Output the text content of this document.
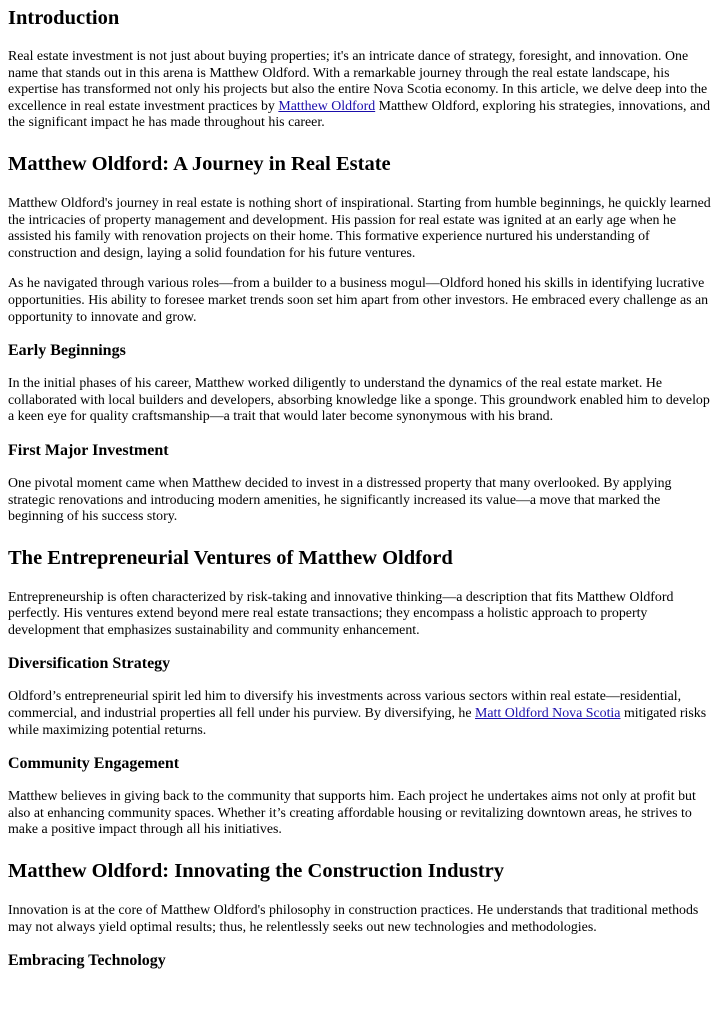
Introduction

Real estate investment is not just about buying properties; it's an intricate dance of strategy, foresight, and innovation. One name that stands out in this arena is Matthew Oldford. With a remarkable journey through the real estate landscape, his expertise has transformed not only his projects but also the entire Nova Scotia economy. In this article, we delve deep into the excellence in real estate investment practices by Matthew Oldford Matthew Oldford, exploring his strategies, innovations, and the significant impact he has made throughout his career.

Matthew Oldford: A Journey in Real Estate

Matthew Oldford's journey in real estate is nothing short of inspirational. Starting from humble beginnings, he quickly learned the intricacies of property management and development. His passion for real estate was ignited at an early age when he assisted his family with renovation projects on their home. This formative experience nurtured his understanding of construction and design, laying a solid foundation for his future ventures.

As he navigated through various roles—from a builder to a business mogul—Oldford honed his skills in identifying lucrative opportunities. His ability to foresee market trends soon set him apart from other investors. He embraced every challenge as an opportunity to innovate and grow.

Early Beginnings

In the initial phases of his career, Matthew worked diligently to understand the dynamics of the real estate market. He collaborated with local builders and developers, absorbing knowledge like a sponge. This groundwork enabled him to develop a keen eye for quality craftsmanship—a trait that would later become synonymous with his brand.

First Major Investment

One pivotal moment came when Matthew decided to invest in a distressed property that many overlooked. By applying strategic renovations and introducing modern amenities, he significantly increased its value—a move that marked the beginning of his success story.

The Entrepreneurial Ventures of Matthew Oldford

Entrepreneurship is often characterized by risk-taking and innovative thinking—a description that fits Matthew Oldford perfectly. His ventures extend beyond mere real estate transactions; they encompass a holistic approach to property development that emphasizes sustainability and community enhancement.

Diversification Strategy

Oldford’s entrepreneurial spirit led him to diversify his investments across various sectors within real estate—residential, commercial, and industrial properties all fell under his purview. By diversifying, he Matt Oldford Nova Scotia mitigated risks while maximizing potential returns.

Community Engagement

Matthew believes in giving back to the community that supports him. Each project he undertakes aims not only at profit but also at enhancing community spaces. Whether it’s creating affordable housing or revitalizing downtown areas, he strives to make a positive impact through all his initiatives.

Matthew Oldford: Innovating the Construction Industry

Innovation is at the core of Matthew Oldford's philosophy in construction practices. He understands that traditional methods may not always yield optimal results; thus, he relentlessly seeks out new technologies and methodologies.

Embracing Technology
